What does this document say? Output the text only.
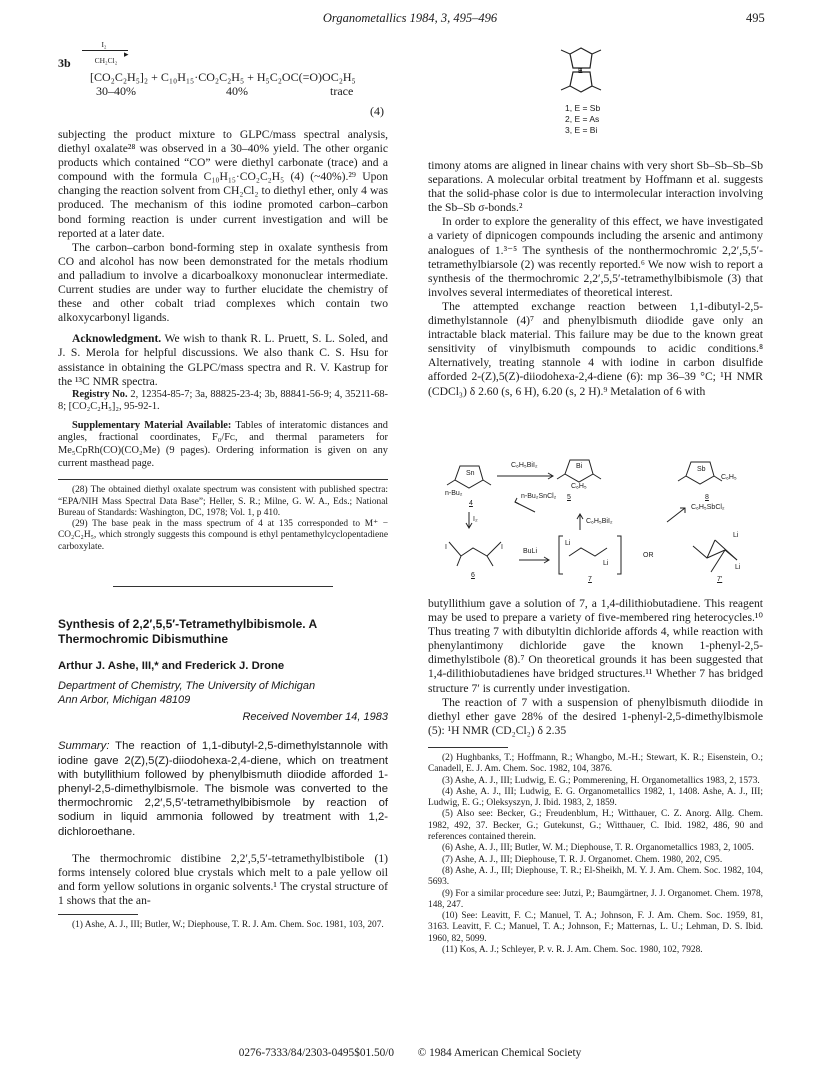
Organometallics 1984, 3, 495–496	495
3b
I₂
▸
CH₂Cl₂
[CO₂C₂H₅]₂ + C₁₀H₁₅·CO₂C₂H₅ + H₅C₂OC(=O)OC₂H₅
30–40%	40%	trace
(4)

subjecting the product mixture to GLPC/mass spectral analysis, diethyl oxalate²⁸ was observed in a 30–40% yield. The other organic products which contained “CO” were diethyl carbonate (trace) and a compound with the formula C₁₀H₁₅·CO₂C₂H₅ (4) (~40%).²⁹ Upon changing the reaction solvent from CH₂Cl₂ to diethyl ether, only 4 was produced. The mechanism of this iodine promoted carbon–carbon bond forming reaction is under current investigation and will be reported at a later date.

The carbon–carbon bond-forming step in oxalate synthesis from CO and alcohol has now been demonstrated for the metals rhodium and palladium to involve a dicarboalkoxy mononuclear intermediate. Current studies are under way to further elucidate the chemistry of these and other cobalt triad complexes which contain two alkoxycarbonyl ligands.

Acknowledgment. We wish to thank R. L. Pruett, S. L. Soled, and J. S. Merola for helpful discussions. We also thank C. S. Hsu for assistance in obtaining the GLPC/mass spectra and R. V. Kastrup for the ¹³C NMR spectra.

Registry No. 2, 12354-85-7; 3a, 88825-23-4; 3b, 88841-56-9; 4, 35211-68-8; [CO₂C₂H₅]₂, 95-92-1.

Supplementary Material Available: Tables of interatomic distances and angles, fractional coordinates, F₀/Fᴄ, and thermal parameters for Me₅CpRh(CO)(CO₂Me) (9 pages). Ordering information is given on any current masthead page.

(28) The obtained diethyl oxalate spectrum was consistent with published spectra: “EPA/NIH Mass Spectral Data Base”; Heller, S. R.; Milne, G. W. A., Eds.; National Bureau of Standards: Washington, DC, 1978; Vol. 1, p 410.

(29) The base peak in the mass spectrum of 4 at 135 corresponded to M⁺ − CO₂C₂H₅, which strongly suggests this compound is ethyl pentamethylcyclopentadiene carboxylate.

Synthesis of 2,2′,5,5′-Tetramethylbibismole. A Thermochromic Dibismuthine

Arthur J. Ashe, III,* and Frederick J. Drone

Department of Chemistry, The University of Michigan

Ann Arbor, Michigan 48109

Received November 14, 1983

Summary: The reaction of 1,1-dibutyl-2,5-dimethylstannole with iodine gave 2(Z),5(Z)-diiodohexa-2,4-diene, which on treatment with butyllithium followed by phenylbismuth diiodide afforded 1-phenyl-2,5-dimethylbismole. The bismole was converted to the thermochromic 2,2′,5,5′-tetramethylbibismole by reaction of sodium in liquid ammonia followed by treatment with 1,2-dichloroethane.

The thermochromic distibine 2,2′,5,5′-tetramethylbistibole (1) forms intensely colored blue crystals which melt to a pale yellow oil and form yellow solutions in organic solvents.¹ The crystal structure of 1 shows that the an-

(1) Ashe, A. J., III; Butler, W.; Diephouse, T. R. J. Am. Chem. Soc. 1981, 103, 207.

E
1, E = Sb
2, E = As
3, E = Bi

timony atoms are aligned in linear chains with very short Sb–Sb–Sb–Sb separations. A molecular orbital treatment by Hoffmann et al. suggests that the solid-phase color is due to intermolecular interaction involving the Sb–Sb σ-bonds.²

In order to explore the generality of this effect, we have investigated a variety of dipnicogen compounds including the arsenic and antimony analogues of 1.³⁻⁵ The synthesis of the nonthermochromic 2,2′,5,5′-tetramethylbiarsole (2) was recently reported.⁶ We now wish to report a synthesis of the thermochromic 2,2′,5,5′-tetramethylbibismole (3) that involves several intermediates of theoretical interest.

The attempted exchange reaction between 1,1-dibutyl-2,5-dimethylstannole (4)⁷ and phenylbismuth diiodide gave only an intractable black material. This failure may be due to the known great sensitivity of vinylbismuth compounds to acidic conditions.⁸ Alternatively, treating stannole 4 with iodine in carbon disulfide afforded 2-(Z),5(Z)-diiodohexa-2,4-diene (6): mp 36–39 °C; ¹H NMR (CDCl₃) δ 2.60 (s, 6 H), 6.20 (s, 2 H).⁹ Metalation of 6 with

Sn
n-Bu₂
4
I₂
C₆H₅BiI₂	Bi
C₆H₅
n-Bu₂SnCl₂ 5
C₆H₅BiI₂
Sb
C₆H₅
8
C₆H₅SbCl₂
I	I
6
BuLi
Li
Li
7
OR
Li
Li
7′

butyllithium gave a solution of 7, a 1,4-dilithiobutadiene. This reagent may be used to prepare a variety of five-membered ring heterocycles.¹⁰ Thus treating 7 with dibutyltin dichloride affords 4, while reaction with phenylantimony dichloride gave the known 1-phenyl-2,5-dimethylstibole (8).⁷ On theoretical grounds it has been suggested that 1,4-dilithiobutadienes have bridged structures.¹¹ Whether 7 has bridged structure 7′ is currently under investigation.

The reaction of 7 with a suspension of phenylbismuth diiodide in diethyl ether gave 28% of the desired 1-phenyl-2,5-dimethylbismole (5): ¹H NMR (CD₂Cl₂) δ 2.35

(2) Hughbanks, T.; Hoffmann, R.; Whangbo, M.-H.; Stewart, K. R.; Eisenstein, O.; Canadell, E. J. Am. Chem. Soc. 1982, 104, 3876.

(3) Ashe, A. J., III; Ludwig, E. G.; Pommerening, H. Organometallics 1983, 2, 1573.

(4) Ashe, A. J., III; Ludwig, E. G. Organometallics 1982, 1, 1408. Ashe, A. J., III; Ludwig, E. G.; Oleksyszyn, J. Ibid. 1983, 2, 1859.

(5) Also see: Becker, G.; Freudenblum, H.; Witthauer, C. Z. Anorg. Allg. Chem. 1982, 492, 37. Becker, G.; Gutekunst, G.; Witthauer, C. Ibid. 1982, 486, 90 and references contained therein.

(6) Ashe, A. J., III; Butler, W. M.; Diephouse, T. R. Organometallics 1983, 2, 1005.

(7) Ashe, A. J., III; Diephouse, T. R. J. Organomet. Chem. 1980, 202, C95.

(8) Ashe, A. J., III; Diephouse, T. R.; El-Sheikh, M. Y. J. Am. Chem. Soc. 1982, 104, 5693.

(9) For a similar procedure see: Jutzi, P.; Baumgärtner, J. J. Organomet. Chem. 1978, 148, 247.

(10) See: Leavitt, F. C.; Manuel, T. A.; Johnson, F. J. Am. Chem. Soc. 1959, 81, 3163. Leavitt, F. C.; Manuel, T. A.; Johnson, F.; Matternas, L. U.; Lehman, D. S. Ibid. 1960, 82, 5099.

(11) Kos, A. J.; Schleyer, P. v. R. J. Am. Chem. Soc. 1980, 102, 7928.

0276-7333/84/2303-0495$01.50/0 © 1984 American Chemical Society
